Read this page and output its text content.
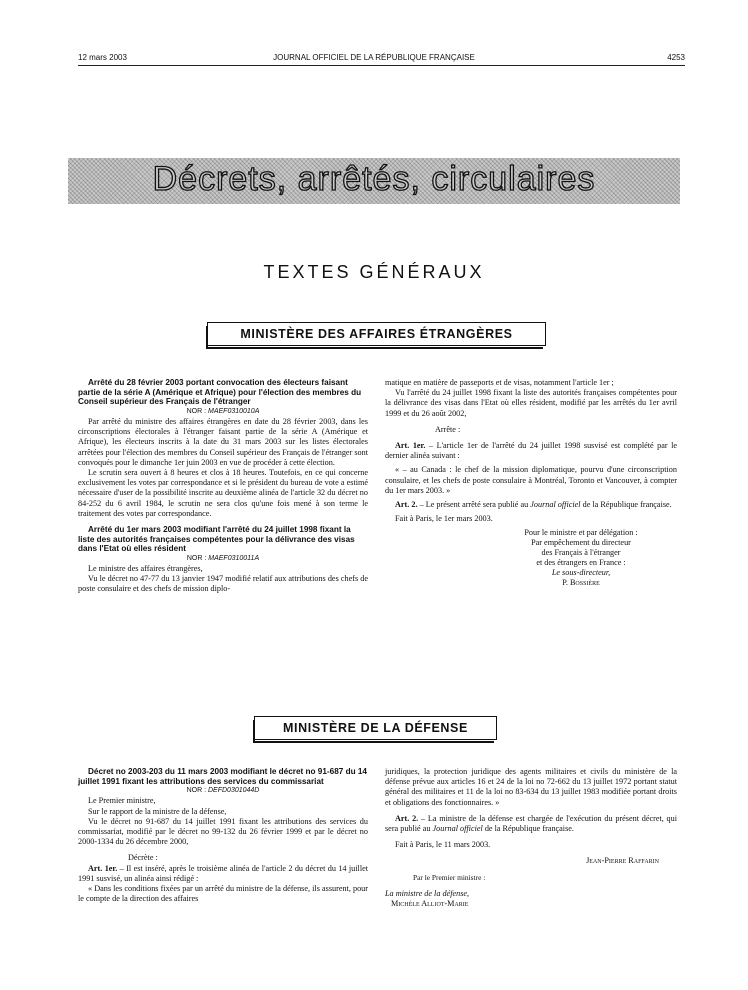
12 mars 2003	JOURNAL OFFICIEL DE LA RÉPUBLIQUE FRANÇAISE	4253
Décrets, arrêtés, circulaires
TEXTES GÉNÉRAUX
MINISTÈRE DES AFFAIRES ÉTRANGÈRES

Arrêté du 28 février 2003 portant convocation des électeurs faisant partie de la série A (Amérique et Afrique) pour l'élection des membres du Conseil supérieur des Français de l'étranger

NOR : MAEF0310010A

Par arrêté du ministre des affaires étrangères en date du 28 février 2003, dans les circonscriptions électorales à l'étranger faisant partie de la série A (Amérique et Afrique), les électeurs inscrits à la date du 31 mars 2003 sur les listes électorales arrêtées pour l'élection des membres du Conseil supérieur des Français de l'étranger sont convoqués pour le dimanche 1er juin 2003 en vue de procéder à cette élection.

Le scrutin sera ouvert à 8 heures et clos à 18 heures. Toutefois, en ce qui concerne exclusivement les votes par correspondance et si le président du bureau de vote a estimé nécessaire d'user de la possibilité inscrite au deuxième alinéa de l'article 32 du décret no 84-252 du 6 avril 1984, le scrutin ne sera clos qu'une fois mené à son terme le traitement des votes par correspondance.

Arrêté du 1er mars 2003 modifiant l'arrêté du 24 juillet 1998 fixant la liste des autorités françaises compétentes pour la délivrance des visas dans l'Etat où elles résident

NOR : MAEF0310011A

Le ministre des affaires étrangères,

Vu le décret no 47-77 du 13 janvier 1947 modifié relatif aux attributions des chefs de poste consulaire et des chefs de mission diplo-

matique en matière de passeports et de visas, notamment l'article 1er ;

Vu l'arrêté du 24 juillet 1998 fixant la liste des autorités françaises compétentes pour la délivrance des visas dans l'Etat où elles résident, modifié par les arrêtés du 1er avril 1999 et du 26 août 2002,

Arrête :

Art. 1er. – L'article 1er de l'arrêté du 24 juillet 1998 susvisé est complété par le dernier alinéa suivant :

« – au Canada : le chef de la mission diplomatique, pourvu d'une circonscription consulaire, et les chefs de poste consulaire à Montréal, Toronto et Vancouver, à compter du 1er mars 2003. »

Art. 2. – Le présent arrêté sera publié au Journal officiel de la République française.

Fait à Paris, le 1er mars 2003.

Pour le ministre et par délégation :
Par empêchement du directeur
des Français à l'étranger
et des étrangers en France :
Le sous-directeur,
P. Bossière
MINISTÈRE DE LA DÉFENSE

Décret no 2003-203 du 11 mars 2003 modifiant le décret no 91-687 du 14 juillet 1991 fixant les attributions des services du commissariat

NOR : DEFD0301044D

Le Premier ministre,

Sur le rapport de la ministre de la défense,

Vu le décret no 91-687 du 14 juillet 1991 fixant les attributions des services du commissariat, modifié par le décret no 99-132 du 26 février 1999 et par le décret no 2000-1334 du 26 décembre 2000,

Décrète :

Art. 1er. – Il est inséré, après le troisième alinéa de l'article 2 du décret du 14 juillet 1991 susvisé, un alinéa ainsi rédigé :

« Dans les conditions fixées par un arrêté du ministre de la défense, ils assurent, pour le compte de la direction des affaires

juridiques, la protection juridique des agents militaires et civils du ministère de la défense prévue aux articles 16 et 24 de la loi no 72-662 du 13 juillet 1972 portant statut général des militaires et 11 de la loi no 83-634 du 13 juillet 1983 modifiée portant droits et obligations des fonctionnaires. »

Art. 2. – La ministre de la défense est chargée de l'exécution du présent décret, qui sera publié au Journal officiel de la République française.

Fait à Paris, le 11 mars 2003.

Jean-Pierre Raffarin

Par le Premier ministre :

La ministre de la défense,

Michèle Alliot-Marie
